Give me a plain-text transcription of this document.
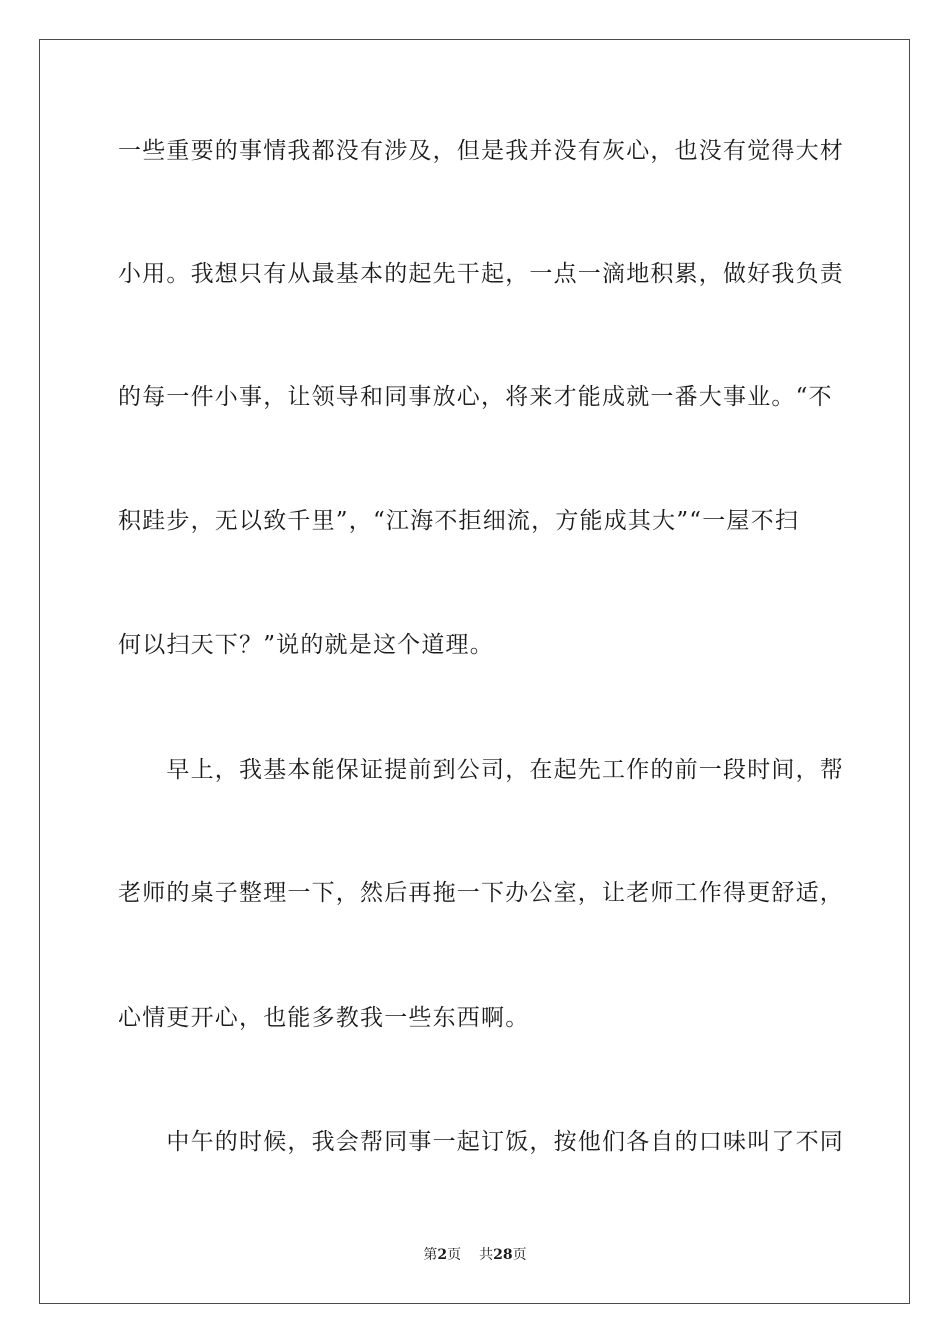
一些重要的事情我都没有涉及，但是我并没有灰心，也没有觉得大材
小用。我想只有从最基本的起先干起，一点一滴地积累，做好我负责
的每一件小事，让领导和同事放心，将来才能成就一番大事业。“不
积跬步，无以致千里”，“江海不拒细流，方能成其大”“一屋不扫
何以扫天下？”说的就是这个道理。
　　早上，我基本能保证提前到公司，在起先工作的前一段时间，帮
老师的桌子整理一下，然后再拖一下办公室，让老师工作得更舒适，
心情更开心，也能多教我一些东西啊。
　　中午的时候，我会帮同事一起订饭，按他们各自的口味叫了不同
第2页 共28页
